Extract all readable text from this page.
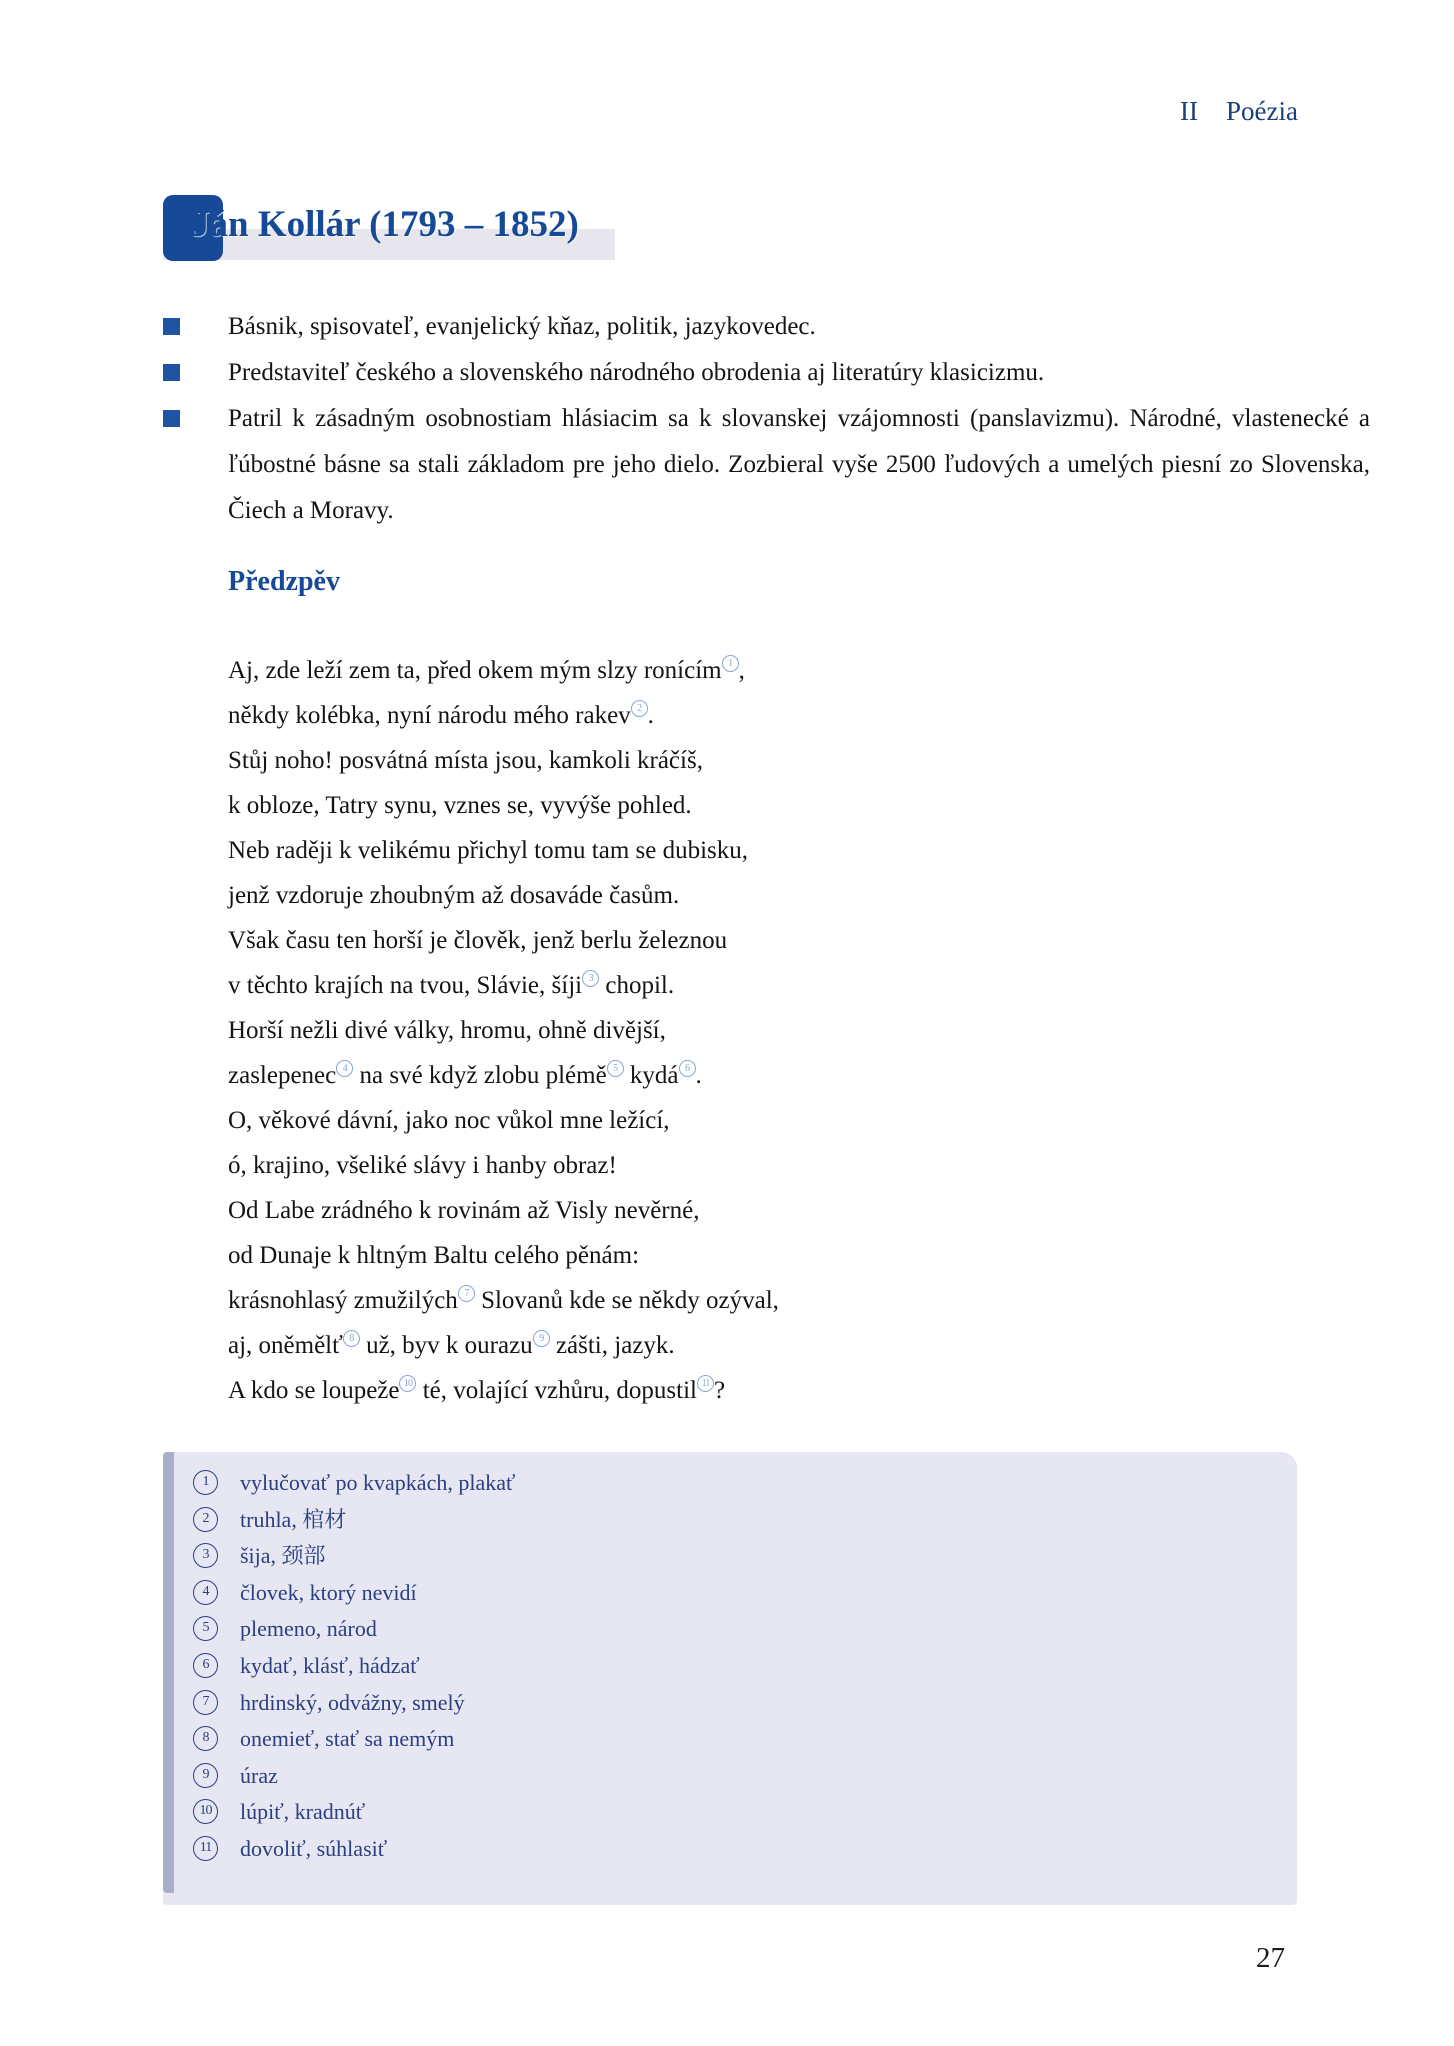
II Poézia
Ján Kollár (1793 – 1852)
Básnik, spisovateľ, evanjelický kňaz, politik, jazykovedec.
Predstaviteľ českého a slovenského národného obrodenia aj literatúry klasicizmu.
Patril k zásadným osobnostiam hlásiacim sa k slovanskej vzájomnosti (panslavizmu). Národné, vlastenecké a ľúbostné básne sa stali základom pre jeho dielo. Zozbieral vyše 2500 ľudových a umelých piesní zo Slovenska, Čiech a Moravy.
Předzpěv
Aj, zde leží zem ta, před okem mým slzy ronícím 1 ,
někdy kolébka, nyní národu mého rakev 2 .
Stůj noho! posvátná místa jsou, kamkoli kráčíš,
k obloze, Tatry synu, vznes se, vyvýše pohled.
Neb raději k velikému přichyl tomu tam se dubisku,
jenž vzdoruje zhoubným až dosaváde časům.
Však času ten horší je člověk, jenž berlu železnou
v těchto krajích na tvou, Slávie, šíji 3 chopil.
Horší nežli divé války, hromu, ohně divější,
zaslepenec 4 na své když zlobu plémě 5 kydá 6 .
O, věkové dávní, jako noc vůkol mne ležící,
ó, krajino, všeliké slávy i hanby obraz!
Od Labe zrádného k rovinám až Visly nevěrné,
od Dunaje k hltným Baltu celého pěnám:
krásnohlasý zmužilých 7 Slovanů kde se někdy ozýval,
aj, oněmělť 8 už, byv k ourazu 9 zášti, jazyk.
A kdo se loupeže 10 té, volající vzhůru, dopustil 11 ?
1	vylučovať po kvapkách, plakať
2	truhla, 棺材
3	šija, 颈部
4	človek, ktorý nevidí
5	plemeno, národ
6	kydať, klásť, hádzať
7	hrdinský, odvážny, smelý
8	onemieť, stať sa nemým
9	úraz
10 lúpiť, kradnúť
11	dovoliť, súhlasiť
27
